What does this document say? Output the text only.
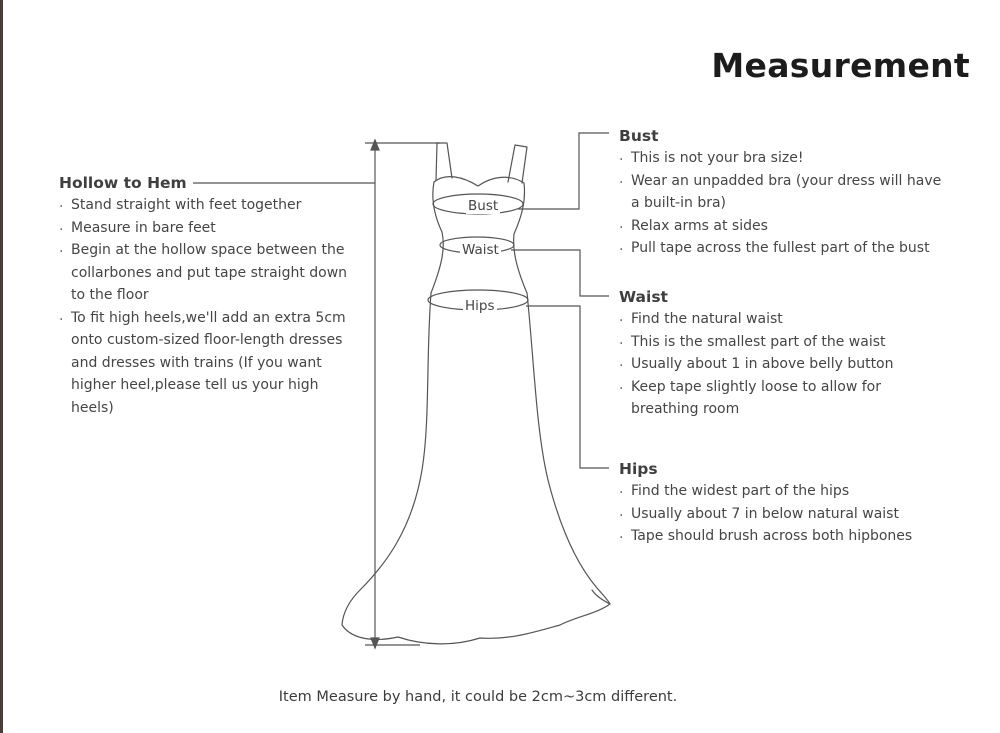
Measurement
Bust
Waist
Hips
Hollow to Hem
. Stand straight with feet together
. Measure in bare feet
. Begin at the hollow space between the collarbones and put tape straight down to the floor
. To fit high heels,we'll add an extra 5cm onto custom-sized floor-length dresses and dresses with trains (If you want higher heel,please tell us your high heels)
Bust
. This is not your bra size!
. Wear an unpadded bra (your dress will have a built-in bra)
. Relax arms at sides
. Pull tape across the fullest part of the bust
Waist
. Find the natural waist
. This is the smallest part of the waist
. Usually about 1 in above belly button
. Keep tape slightly loose to allow for breathing room
Hips
. Find the widest part of the hips
. Usually about 7 in below natural waist
. Tape should brush across both hipbones
Item Measure by hand, it could be 2cm~3cm different.
